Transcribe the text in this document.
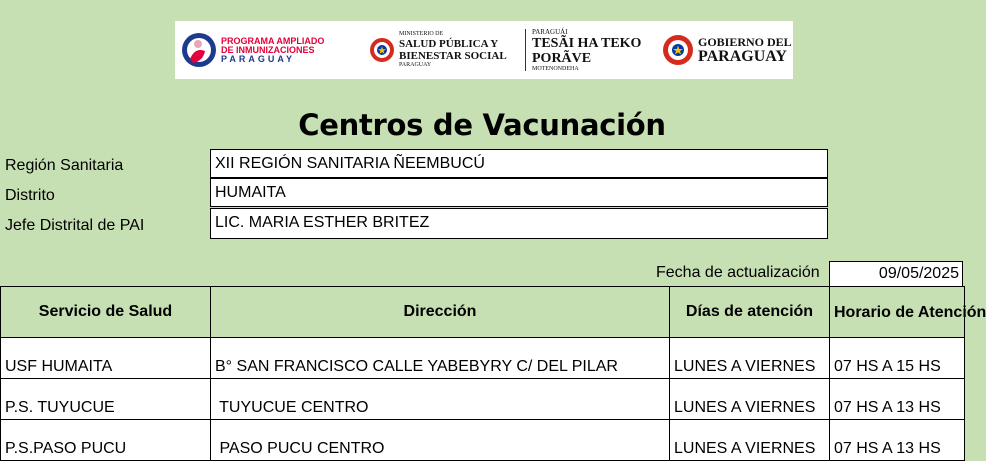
PROGRAMA AMPLIADO
DE INMUNIZACIONES
PARAGUAY
MINISTERIO DE
SALUD PÚBLICA Y
BIENESTAR SOCIAL
PARAGUAY
PARAGUÁI
TESÃI HA TEKO
PORÃVE
MOTENONDEHA
GOBIERNO DEL
PARAGUAY
Centros de Vacunación
Región Sanitaria	XII REGIÓN SANITARIA ÑEEMBUCÚ
Distrito	HUMAITA
Jefe Distrital de PAI	LIC. MARIA ESTHER BRITEZ
Fecha de actualización	09/05/2025
Servicio de Salud	Dirección	Días de atención	Horario de Atención
USF HUMAITA	B° SAN FRANCISCO CALLE YABEBYRY C/ DEL PILAR	LUNES A VIERNES	07 HS A 15 HS
P.S. TUYUCUE	TUYUCUE CENTRO	LUNES A VIERNES	07 HS A 13 HS
P.S.PASO PUCU	PASO PUCU CENTRO	LUNES A VIERNES	07 HS A 13 HS
